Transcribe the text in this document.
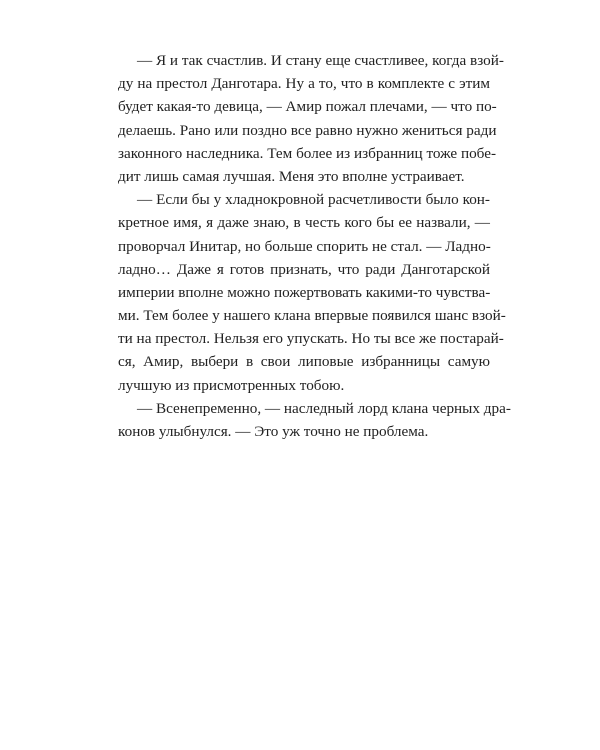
— Я и так счастлив. И стану еще счастливее, когда взой-
ду на престол Данготара. Ну а то, что в комплекте с этим
будет какая-то девица, — Амир пожал плечами, — что по-
делаешь. Рано или поздно все равно нужно жениться ради
законного наследника. Тем более из избранниц тоже побе-
дит лишь самая лучшая. Меня это вполне устраивает.
— Если бы у хладнокровной расчетливости было кон-
кретное имя, я даже знаю, в честь кого бы ее назвали, —
проворчал Инитар, но больше спорить не стал. — Ладно-
ладно… Даже я готов признать, что ради Данготарской
империи вполне можно пожертвовать какими-то чувства-
ми. Тем более у нашего клана впервые появился шанс взой-
ти на престол. Нельзя его упускать. Но ты все же постарай-
ся, Амир, выбери в свои липовые избранницы самую
лучшую из присмотренных тобою.
— Всенепременно, — наследный лорд клана черных дра-
конов улыбнулся. — Это уж точно не проблема.
